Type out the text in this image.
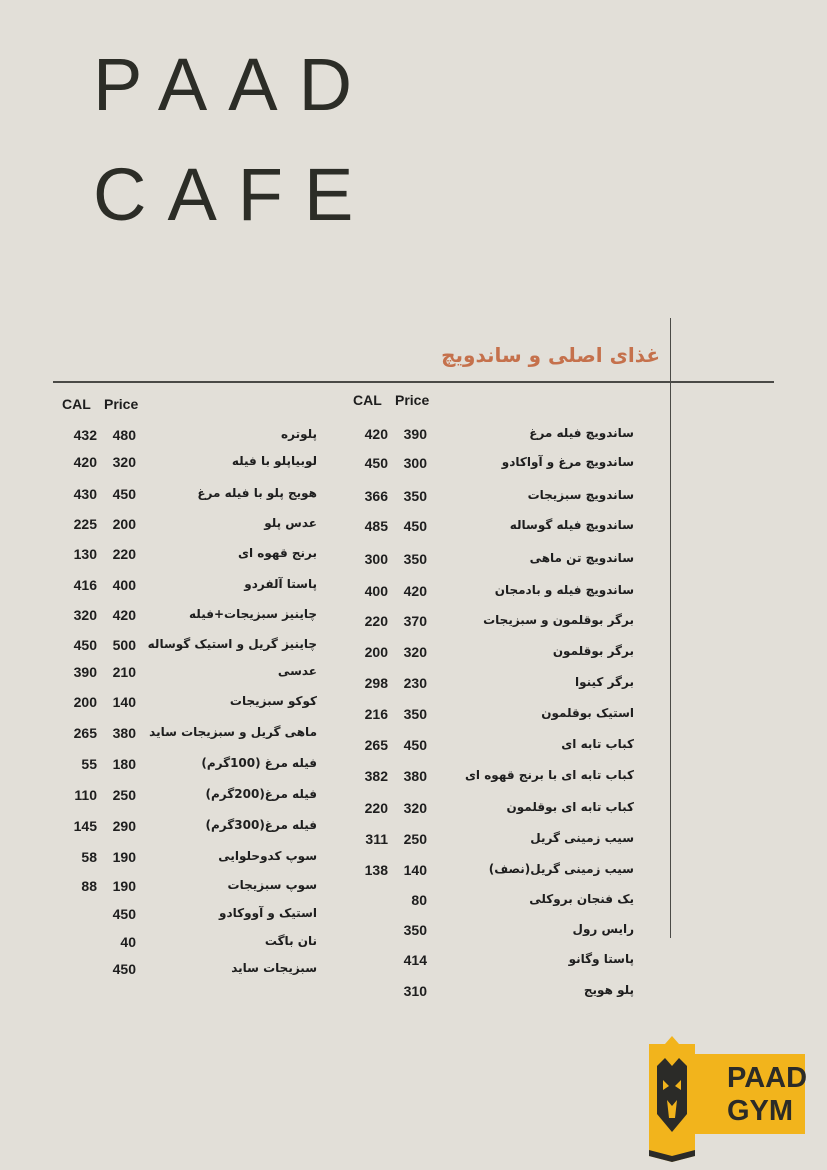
PAAD
CAFE
غذای اصلی و ساندویچ
CAL Price
CAL Price
ساندویچ فیله مرغ
390
420
ساندویچ مرغ و آواکادو
300
450
ساندویچ سبزیجات
350
366
ساندویچ فیله گوساله
450
485
ساندویچ تن ماهی
350
300
ساندویچ فیله و بادمجان
420
400
برگر بوقلمون و سبزیجات
370
220
برگر بوقلمون
320
200
برگر کینوا
230
298
استیک بوقلمون
350
216
کباب تابه ای
450
265
کباب تابه ای با برنج قهوه ای
380
382
کباب تابه ای بوقلمون
320
220
سیب زمینی گریل
250
311
سیب زمینی گریل(نصف)
140
138
یک فنجان بروکلی
80
رایس رول
350
پاستا وگانو
414
پلو هویج
310
پلوتره
480
432
لوبیاپلو با فیله
320
420
هویج پلو با فیله مرغ
450
430
عدس پلو
200
225
برنج قهوه ای
220
130
پاستا آلفردو
400
416
چاینیز سبزیجات+فیله
420
320
چاینیز گریل و استیک گوساله
500
450
عدسی
210
390
کوکو سبزیجات
140
200
ماهی گریل و سبزیجات ساید
380
265
فیله مرغ (100گرم)
180
55
فیله مرغ(200گرم)
250
110
فیله مرغ(300گرم)
290
145
سوپ کدوحلوایی
190
58
سوپ سبزیجات
190
88
استیک و آووکادو
450
نان باگت
40
سبزیجات ساید
450
PAAD
GYM
